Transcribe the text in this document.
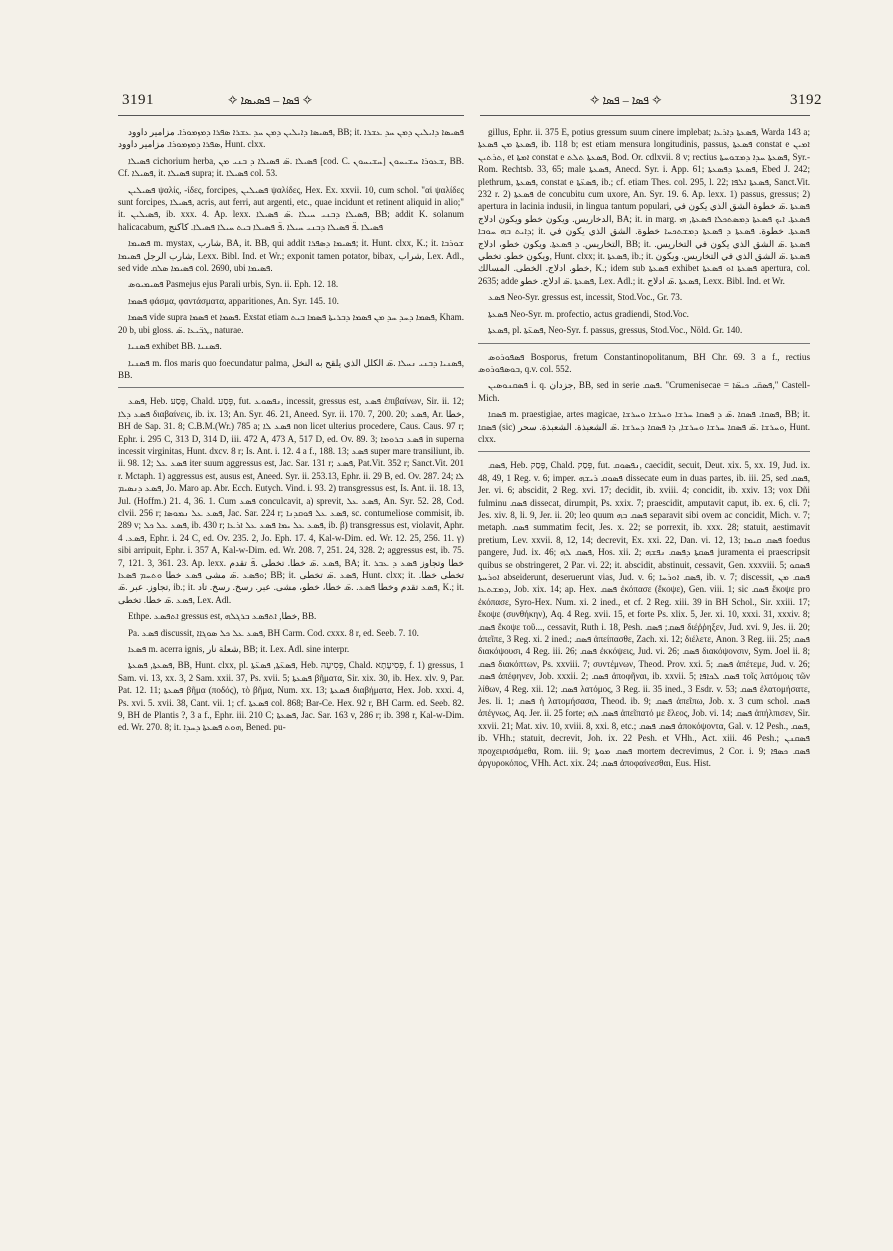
3191	✧ ܦܣܐ – ܦܣܝܣܐ ✧	✧ ܦܣܐ – ܦܣܐ ✧	3192

ܦܣܝܣܐ ܕܐܝܠܝܢ ܕܡܢ ܚܕ ܥܫܪܐ ܣܦܪܐ ܕܡܙܡܘܪܐ. مزامير داوود, BB; it. ܦܣܝܣܐ ܕܐܝܠܝܢ ܕܡܢ ܚܕ ܥܫܪܐ ܣܦܪܐ ܕܡܙܡܘܪܐ. مزامير داوود, Hunt. clxx.

ܦܣܝܠܐ cichorium herba, ܦܣܝܠܐ .ܣ̈ ܦܣܝܠܐ ܕ ܒܢܝ ܡܢ [cod. C. ܚܫܝܚܘܢ] ܫܥܘܪܐ ܚܫܝܚܘܢ, BB. Cf. ܦܣܝܠܐ, it. ܦܣܝܠܐ supra; it. ܦܣܝܠܐ col. 53.

ܦܣܝܠܝܢ ψαλίς, -ίδες, forcipes, ܦܣܝܠܝܢ ψαλίδες, Hex. Ex. xxvii. 10, cum schol. "αἱ ψαλίδες sunt forcipes, ܦܣܝܠܐ, acris, aut ferri, aut argenti, etc., quae incidunt et retinent aliquid in alio;" it. ܦܣܝܠܝܢ, ib. xxx. 4. Ap. lexx. ܦܣܝܠܐ ܕܒܢܝ ܚܝܠܐ .ܣ̈ ܦܣܝܠܐ, BB; addit K. solanum halicacabum, ܦܣܝܠܐ .ܦ̈ ܦܣܝܠܐ ܕܒܢܝ ܚܝܠܐ .ܦ̈ ܦܣܝܠܐ ܒܝܬ ܚܝܠܐ ܦܣܝܠܐ. كاكنج

ܦܣܝܡܐ m. mystax, شارب, BA, it. BB, qui addit ܦܣܝܡܐ ܕܣܦܪܐ; it. Hunt. clxx, K.; it. ܫܘܪܒܐ شارب الرجل ܦܣܝܡܐ, Lexx. Bibl. Ind. et Wr.; exponit tamen potator, bibax, شراب, Lex. Adl., sed vide ܦܣܝܡܐ ܣܠܩ col. 2690, ubi ܦܣܝܡܐ.

ܦܣܝܡܝܘܣ Pasmejus ejus Parali urbis, Syn. ii. Eph. 12. 18.

ܦܣܡܐ φάσμα, φαντάσματα, apparitiones, An. Syr. 145. 10.

ܦܣܡܐ vide supra ܦܣܡܐ et ܦܣܡܐ. Exstat etiam ܦܣܡܐ ܕܚܕ ܚܕ ܡܢ ܦܣܡܐ ܕܒܪܝܬܐ ܦܣܡܐ ܒܝܬ, Kham. 20 b, ubi gloss. ܛܒ̈ܝܥܐ .ܣ̈, naturae.

ܦܣܢܝܐ exhibet BB. ܦܣܢܝܐ.

ܦܣܢܝܐ m. flos maris quo foecundatur palma, ܦܣܢܝܐ ܕܒܢܝ ܢܚܠܐ .ܣ̈ الكلل الذي يلقح به النخل, BB.

ܦܣܥ, Heb. פָּסַע, Chald. פְּסַע, fut. ܢܦܣܘܥ, incessit, gressus est, ܦܣܥ ἐπιβαίνων, Sir. ii. 12; ܦܣܥ ܕܠܐ διαβαίνεις, ib. ix. 13; An. Syr. 46. 21, Aneed. Syr. ii. 170. 7, 200. 20; ܦܣܥ, Ar. خطا, BH de Sap. 31. 8; C.B.M.(Wr.) 785 a; ܦܣܥ ܠܐ non licet ulterius procedere, Caus. Caus. 97 r; Ephr. i. 295 C, 313 D, 314 D, iii. 472 A, 473 A, 517 D, ed. Ov. 89. 3; ܦܣܥ ܒܪܘܡܐ in superna incessit virginitas, Hunt. dxcv. 8 r; Is. Ant. i. 12. 4 a f., 188. 13; ܦܣܥ super mare transiliunt, ib. ii. 98. 12; ܦܣܥ ܥܠ iter suum aggressus est, Jac. Sar. 131 r; ܦܣܥ, Pat.Vit. 352 r; Sanct.Vit. 201 r. Mctaph. 1) aggressus est, ausus est, Aneed. Syr. ii. 253.13, Ephr. ii. 29 B, ed. Ov. 287. 24; ܠܐ ܦܣܥ ܕܢܣܝܡ, Jo. Maro ap. Abr. Ecch. Eutych. Vind. i. 93. 2) transgressus est, Is. Ant. ii. 18. 13, Jul. (Hoffm.) 21. 4, 36. 1. Cum ܦܣܥ conculcavit, a) sprevit, ܦܣܥ ܥܠ, An. Syr. 52. 28, Cod. clvii. 256 r; ܦܣܥ ܥܠ ܢܡܘܣܐ, Jac. Sar. 224 r; ܦܣܥ ܥܠ ܦܘܩܕܢܐ, sc. contumeliose commisit, ib. 289 v; ܦܣܥ ܥܠ ܟܠ, ib. 430 r; ܦܣܥ ܥܠ ܝܡܐ ܦܣܥ ܥܠ ܐܪܥܐ, ib. β) transgressus est, violavit, Aphr. ܦܣܥ. 4, Ephr. i. 24 C, ed. Ov. 235. 2, Jo. Eph. 17. 4, Kal-w-Dim. ed. Wr. 12. 25, 256. 11. γ) sibi arripuit, Ephr. i. 357 A, Kal-w-Dim. ed. Wr. 208. 7, 251. 24, 328. 2; aggressus est, ib. 75. 7, 121. 3, 361. 23. Ap. lexx. ܦܣܥ .ܣ̈ خطا. تخطى .ܦ̈ تقدم, BA; it. خطا وتجاوز ܦܣܥ ܕ ܥܒܪ ܘܦܣܥ .ܣ̈ مشى ܦܣܥ خطا ܘܬܚܡ ܦܣܥܐ; BB; it. ܦܣܥ .ܣ̈ تخطى, Hunt. clxx; it. تخطى خطا. تجاوز. عبر .ܣ̈, ib.; it. ܦܣܥ تقدم وخطا ܦܣܥ. .ܣ̈ خطا، خطو، مشى. عبر. رسخ. رسخ. تاد, K.; it. ܦܣܥ .ܣ̈ خطا. تخطى, Lex. Adl.

Ethpe. ܐܬܦܣܥ gressus est, خطا, ܐܬܦܣܥ ܒܪܓܠܗ, BB.

Pa. ܦܣܥ discussit, ܦܣܥ ܥܠ ܟܠ ܣܘܓܐܐ, BH Carm. Cod. cxxx. 8 r, ed. Seeb. 7. 10.

ܦܣܥܐ m. acerra ignis, شعلة نار, BB; it. Lex. Adl. sine interpr.

ܦܣܥܬܐ, ܦܣܥܬܐ, BB, Hunt. clxx, pl. ܦܣܥ̈ܬܐ, ܦܣܥ̈ܬܐ, Heb. פְּסִיעָה, Chald. פְּסִיעָתָא, f. 1) gressus, 1 Sam. vi. 13, xx. 3, 2 Sam. xxii. 37, Ps. xvii. 5; ܦܣܥܬܐ βῆματα, Sir. xix. 30, ib. Hex. xlv. 9, Par. Pat. 12. 11; ܦܣܥܬܐ βῆμα (ποδός), τὸ βῆμα, Num. xx. 13; ܦܣܥܬܐ διαβήματα, Hex. Job. xxxi. 4, Ps. xvi. 5. xvii. 38, Cant. vii. 1; cf. ܦܣܥܬܐ col. 868; Bar-Ce. Hex. 92 r, BH Carm. ed. Seeb. 82. 9, BH de Plantis ?, 3 a f., Ephr. iii. 210 C; ܦܣܥܬܐ, Jac. Sar. 163 v, 286 r; ib. 398 r, Kal-w-Dim. ed. Wr. 270. 8; it. ܗܘܬ ܦܣܥܬܐ ܕܚܕܐ, Bened. pu-

gillus, Ephr. ii. 375 E, potius gressum suum cinere implebat; ܦܣܥܬܐ ܕܐܪܥܐ, Warda 143 a; ܦܣܥܬܐ ܡܢ ܦܣܥܬܐ, ib. 118 b; est etiam mensura longitudinis, passus, ܦܣܥܬܐ constat e ܐܡܝܢ ܬܪܬܝܢ, et ܐܡܬܐ constat e ܦܣܥܬܐ ܬܠܬ, Bod. Or. cdlxvii. 8 v; rectius ܦܣܥܬܐ ܚܕܐ ܕܡܫܘܚܬܐ, Syr.-Rom. Rechtsb. 33, 65; male ܦܣܥܬܐ, Anecd. Syr. i. App. 61; ܦܣܥܬܐ ܕܦܣܥܬܐ, Ebed J. 242; plethrum, ܦܣܥܬܐ, constat e ܦܣܥ̈ܬܐ, ib.; cf. etiam Thes. col. 295, l. 22; ܦܣܥܬܐ ܐܠܦܐ, Sanct.Vit. 232 r. 2) ܦܣܥܬܐ de concubitu cum uxore, An. Syr. 19. 6. Ap. lexx. 1) passus, gressus; 2) apertura in lacinia indusii, in lingua tantum populari, ܦܣܥܬܐ .ܣ̈ خطوة الشق الذي يكون في الدخاريس. ويكون خطو ويكون ادلاج, BA; it. in marg. ܦܣܥܬܐ. ܐܝܟ ܦܣܥܬܐ ܕܡܣܬܟܠܐ ܦܣܥܬܐ, ܗܝ ܕܐܝܬ ܒܗ ܚܘܒܐ; it. ܦܣܥܬܐ. خطوة. ܦܣܥܬܐ ܕ ܦܣܥܬܐ ܕܡܫܬܟܚܐ خطوة. الشق الذي يكون في التخاريس. ܕ ܦܣܥܬܐ. ويكون خطو، ادلاج, BB; it. ܦܣܥܬܐ .ܣ̈ الشق الذي يكون في التخاريس. ويكون خطو. تخطي, Hunt. clxx; it. ܦܣܥܬܐ, ib.; it. ܦܣܥܬܐ .ܣ̈ الشق الذي في التخاريس. ويكون خطو. ادلاج. الخطى. المسالك, K.; idem sub ܦܣܥܬܐ exhibet ܦܣܥܬܐ ܐܘ ܦܣܥܬܐ apertura, col. 2635; adde ܦܣܥܬܐ .ܣ̈ ادلاج. خطو, Lex. Adl.; it. ܦܣܥܬܐ .ܣ̈ ادلاج, Lexx. Bibl. Ind. et Wr.

ܦܣܥ Neo-Syr. gressus est, incessit, Stod.Voc., Gr. 73.

ܦܣܥܬܐ Neo-Syr. m. profectio, actus gradiendi, Stod.Voc.

ܦܣܥܬܐ, pl. ܦܣܥ̈ܬܐ, Neo-Syr. f. passus, gressus, Stod.Voc., Nöld. Gr. 140.

ܦܣܦܘܪܘܣ Bosporus, fretum Constantinopolitanum, BH Chr. 69. 3 a f., rectius ܒܘܣܦܘܪܘܣ, q.v. col. 552.

ܦܣܩܢܘܣܝܢ i. q. جزدان, BB, sed in serie ܦܣܩ. "Crumenisecae = ܦܣܩ̈ܝ ܟܝܣ̈ܐ," Castell-Mich.

ܦܣܩܐ m. praestigiae, artes magicae, ܦܣܩܐ. ܦܣܩܐ .ܣ̈ ܕ ܦܣܩܐ ܚܪܫܐ ܘܚܪܫܐ ܘܚܪܫܐ, BB; it. ܦܣܩܐ (sic) ܘܚܪܫܐ .ܣ̈ ܦܣܩܐ ܚܪܫܐ ܘܚܪܫܐ, ܕܐ ܦܣܩܐ ܕܚܪܫܐ .ܣ̈ الشعبذة. الشعبذة. سحر, Hunt. clxx.

ܦܣܩ, Heb. פָּסַק, Chald. פְּסַק, fut. ܢܦܣܘܩ, caecidit, secuit, Deut. xix. 5, xx. 19, Jud. ix. 48, 49, 1 Reg. v. 6; imper. ܦܣܘܩ ܪܝܫܗ dissecate eum in duas partes, ib. iii. 25, sed ܦܣܩ, Jer. vi. 6; abscidit, 2 Reg. xvi. 17; decidit, ib. xviii. 4; concidit, ib. xxiv. 13; vox Dñi fulminu ܦܣܩ dissecat, dirumpit, Ps. xxix. 7; praescidit, amputavit caput, ib. ex. 6, cli. 7; Jes. xiv. 8, li. 9, Jer. ii. 20; leo quum ܦܣܩ ܒܗ separavit sibi ovem ac concidit, Mich. v. 7; metaph. ܦܣܩ summatim fecit, Jes. x. 22; se porrexit, ib. xxx. 28; statuit, aestimavit pretium, Lev. xxvii. 8, 12, 14; decrevit, Ex. xxi. 22, Dan. vi. 12, 13; ܦܣܩ ܩܝܡܐ foedus pangere, Jud. ix. 46; ܦܣܩ ܠܗ, Hos. xii. 2; ܦܣܩܬܐ ܕܦܣܩ ܢܦܫܗ juramenta ei praescripsit quibus se obstringeret, 2 Par. vi. 22; it. abscidit, abstinuit, cessavit, Gen. xxxviii. 5; ܦܣܩܘ ܐܘܪܚܬܐ abseiderunt, deseruerunt vias, Jud. v. 6; ܦܣܩ ܐܘܪܚܐ, ib. v. 7; discessit, ܦܣܩ ܡܢ ܕܡܫܬܥܐ, Job. xix. 14; ap. Hex. ܦܣܩ ἐκόπασε (ἔκοψε), Gen. viii. 1; sic ܦܣܩ ἔκοψε pro ἐκόπασε, Syro-Hex. Num. xi. 2 ined., et cf. 2 Reg. xiii. 39 in BH Schol., Sir. xxiii. 17; ἔκοψε (συνθήκην), Aq. 4 Reg. xvii. 15, et forte Ps. xlix. 5, Jer. xi. 10, xxxi. 31, xxxiv. 8; ܦܣܩ ἔκοψε τοῦ..., cessavit, Ruth i. 18, Pesh. ܦܣܩ; ܦܣܩ διέῤῥηξεν, Jud. xvi. 9, Jes. ii. 20; ἀπεῖπε, 3 Reg. xi. 2 ined.; ܦܣܩ ἀπείπασθε, Zach. xi. 12; διέλετε, Anon. 3 Reg. iii. 25; ܦܣܩ διακόψουσι, 4 Reg. iii. 26; ܦܣܩ ἐκκόψεις, Jud. vi. 26; ܦܣܩ διακόψονσιν, Sym. Joel ii. 8; ܦܣܩ διακόπτων, Ps. xxviii. 7; συντέμνων, Theod. Prov. xxi. 5; ܦܣܩ ἀπέτεμε, Jud. v. 26; ܦܣܩ ἀπέφηνεν, Job. xxxii. 2; ܦܣܩ ἀποφῆναι, ib. xxvii. 5; ܦܣܩ ܠܟܐܦܐ τοῖς λατόμοις τῶν λίθων, 4 Reg. xii. 12; ܦܣܩ λατόμος, 3 Reg. ii. 35 ined., 3 Esdr. v. 53; ܦܣܩ ἐλατομήσατε, Jes. li. 1; ܦܣܩ ἡ λατομήσασα, Theod. ib. 9; ܦܣܩ ἀπεῖπω, Job. x. 3 cum schol. ܦܣܩ ἀπέγνως, Aq. Jer. ii. 25 forte; ܦܣܩ ܠܗ ἀπεῖπατό με ἔλεος, Job. vi. 14; ܦܣܩ ἀπήλπισεν, Sir. xxvii. 21; Mat. xiv. 10, xviii. 8, xxi. 8, etc.; ܦܣܩ ܦܣܩ ἀποκόψοντα, Gal. v. 12 Pesh., ܦܣܩ, ib. VHh.; statuit, decrevit, Joh. ix. 22 Pesh. et VHh., Act. xiii. 46 Pesh.; ܦܣܩܢܢ προχειρισάμεθα, Rom. iii. 9; ܦܣܩ ܡܘܬܐ mortem decrevimus, 2 Cor. i. 9; ܦܣܩ ܟܣܦܐ ἀργυροκόπος, VHh. Act. xix. 24; ܦܣܩ ἀποφαίνεσθαι, Eus. Hist.
